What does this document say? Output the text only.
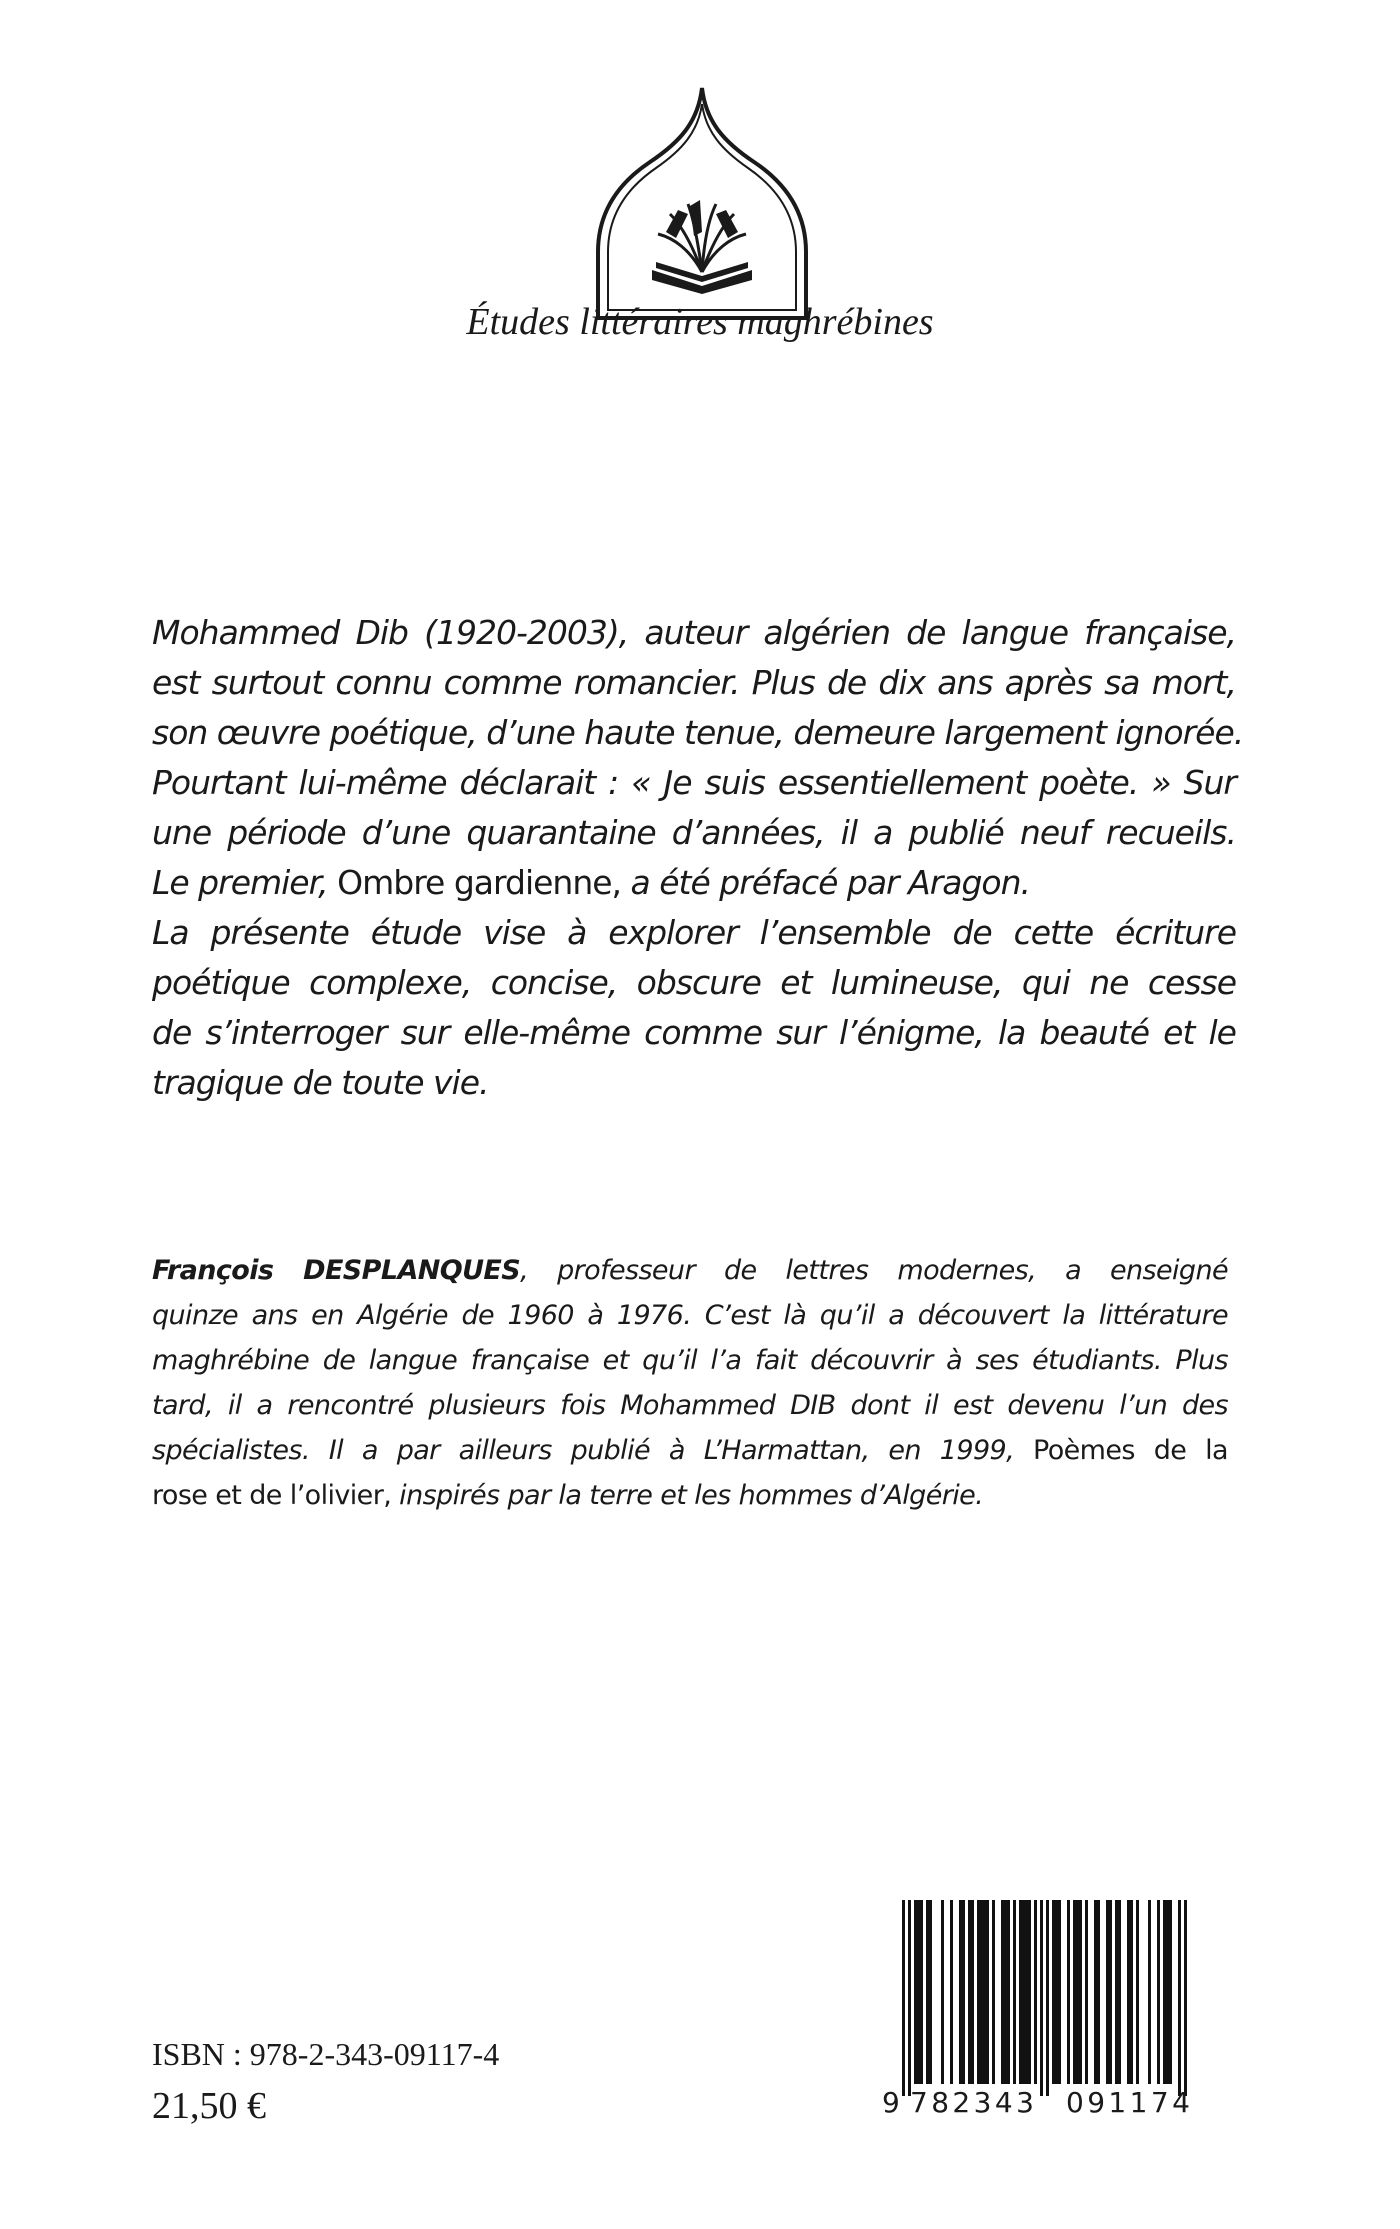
Études littéraires maghrébines
Mohammed Dib (1920-2003), auteur algérien de langue française,
est surtout connu comme romancier. Plus de dix ans après sa mort,
son œuvre poétique, d’une haute tenue, demeure largement ignorée.
Pourtant lui-même déclarait : « Je suis essentiellement poète. » Sur
une période d’une quarantaine d’années, il a publié neuf recueils.
Le premier, Ombre gardienne, a été préfacé par Aragon.
La présente étude vise à explorer l’ensemble de cette écriture
poétique complexe, concise, obscure et lumineuse, qui ne cesse
de s’interroger sur elle-même comme sur l’énigme, la beauté et le
tragique de toute vie.
François DESPLANQUES, professeur de lettres modernes, a enseigné
quinze ans en Algérie de 1960 à 1976. C’est là qu’il a découvert la littérature
maghrébine de langue française et qu’il l’a fait découvrir à ses étudiants. Plus
tard, il a rencontré plusieurs fois Mohammed DIB dont il est devenu l’un des
spécialistes. Il a par ailleurs publié à L’Harmattan, en 1999, Poèmes de la
rose et de l’olivier, inspirés par la terre et les hommes d’Algérie.

ISBN : 978-2-343-09117-4

21,50 €	9 782343 091174
